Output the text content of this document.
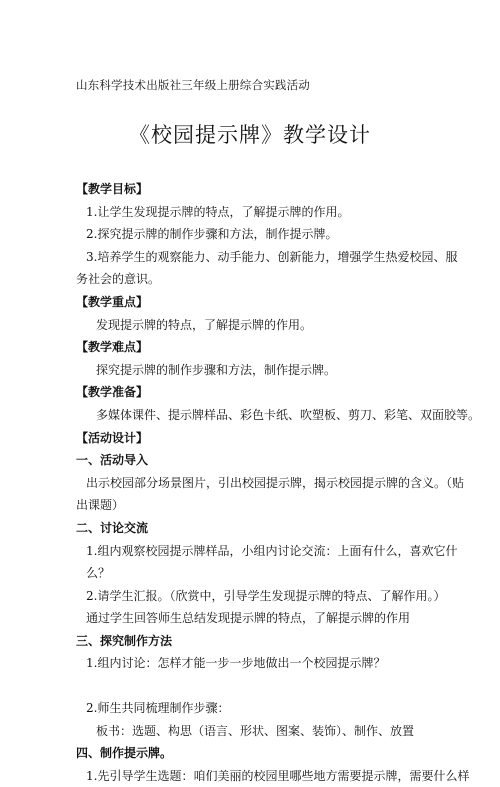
山东科学技术出版社三年级上册综合实践活动
《校园提示牌》教学设计
【教学目标】
1.让学生发现提示牌的特点，了解提示牌的作用。
2.探究提示牌的制作步骤和方法，制作提示牌。
3.培养学生的观察能力、动手能力、创新能力，增强学生热爱校园、服
务社会的意识。
【教学重点】
发现提示牌的特点，了解提示牌的作用。
【教学难点】
探究提示牌的制作步骤和方法，制作提示牌。
【教学准备】
多媒体课件、提示牌样品、彩色卡纸、吹塑板、剪刀、彩笔、双面胶等。
【活动设计】
一、活动导入
出示校园部分场景图片，引出校园提示牌，揭示校园提示牌的含义。（贴
出课题）
二、讨论交流
1.组内观察校园提示牌样品，小组内讨论交流：上面有什么，喜欢它什
么？
2.请学生汇报。（欣赏中，引导学生发现提示牌的特点、了解作用。）
通过学生回答师生总结发现提示牌的特点，了解提示牌的作用
三、探究制作方法
1.组内讨论：怎样才能一步一步地做出一个校园提示牌？
2.师生共同梳理制作步骤：
板书：选题、构思（语言、形状、图案、装饰）、制作、放置
四、制作提示牌。
1.先引导学生选题：咱们美丽的校园里哪些地方需要提示牌，需要什么样
